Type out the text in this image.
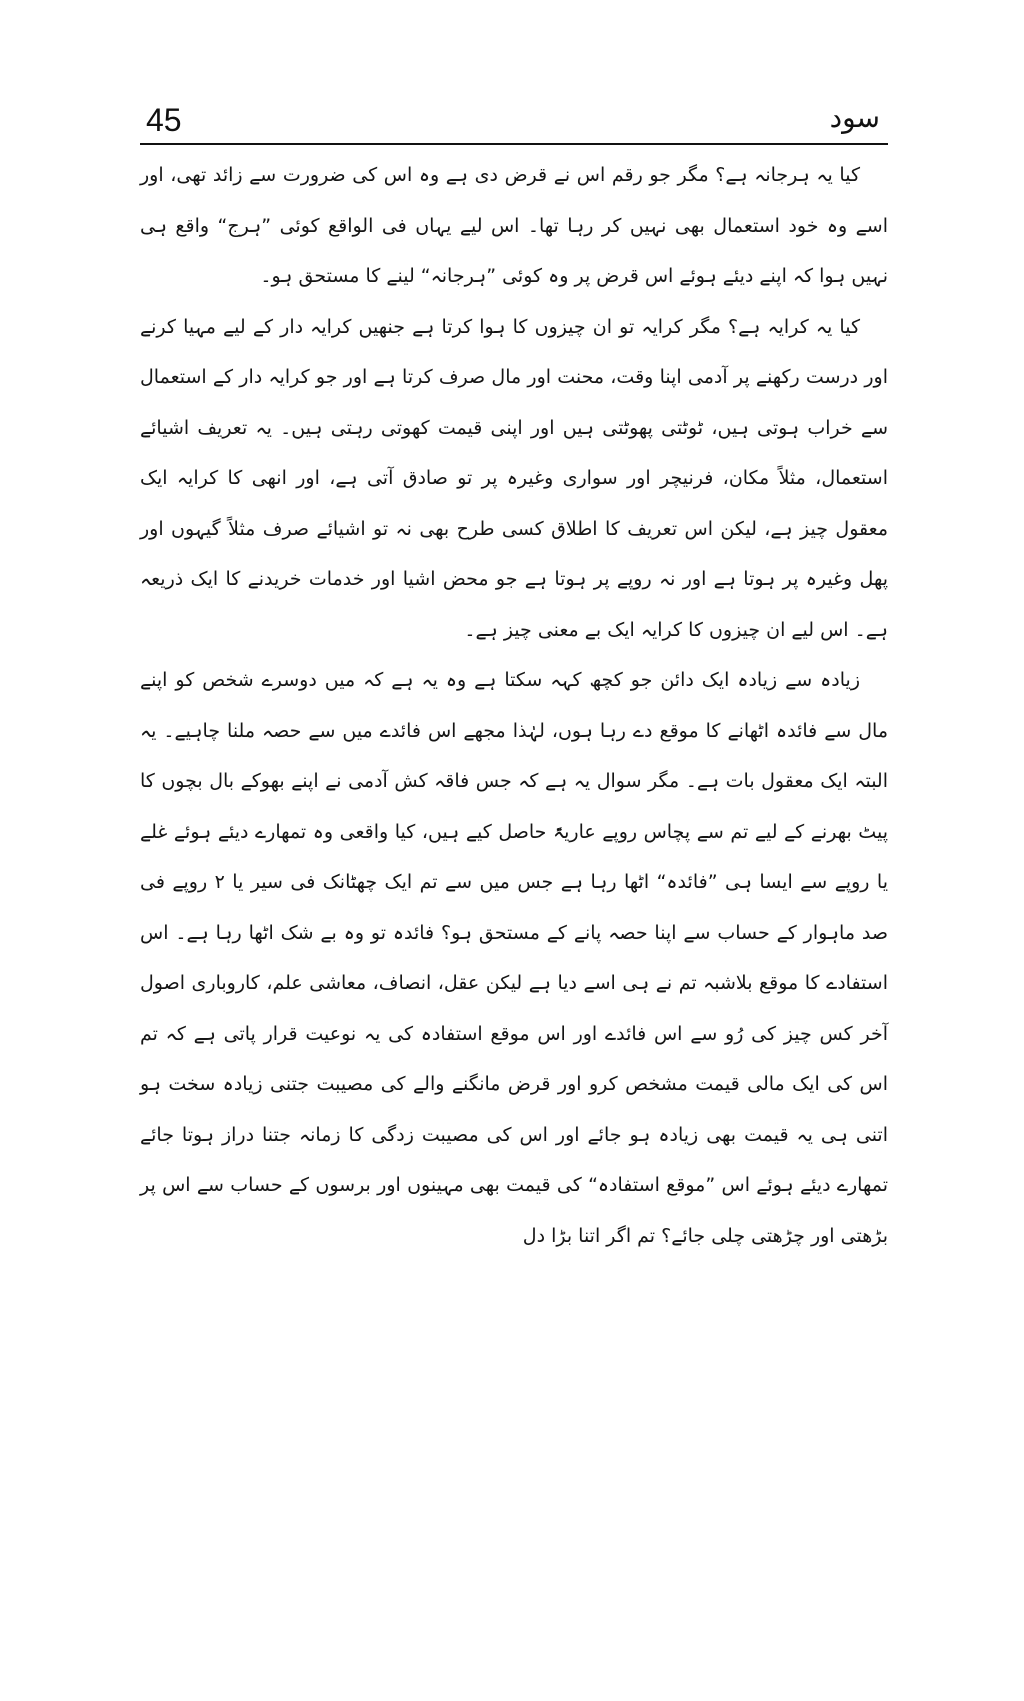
45	سود

کیا یہ ہرجانہ ہے؟ مگر جو رقم اس نے قرض دی ہے وہ اس کی ضرورت سے زائد تھی، اور اسے وہ خود استعمال بھی نہیں کر رہا تھا۔ اس لیے یہاں فی الواقع کوئی ”ہرج“ واقع ہی نہیں ہوا کہ اپنے دیئے ہوئے اس قرض پر وہ کوئی ”ہرجانہ“ لینے کا مستحق ہو۔

کیا یہ کرایہ ہے؟ مگر کرایہ تو ان چیزوں کا ہوا کرتا ہے جنھیں کرایہ دار کے لیے مہیا کرنے اور درست رکھنے پر آدمی اپنا وقت، محنت اور مال صرف کرتا ہے اور جو کرایہ دار کے استعمال سے خراب ہوتی ہیں، ٹوٹتی پھوٹتی ہیں اور اپنی قیمت کھوتی رہتی ہیں۔ یہ تعریف اشیائے استعمال، مثلاً مکان، فرنیچر اور سواری وغیرہ پر تو صادق آتی ہے، اور انھی کا کرایہ ایک معقول چیز ہے، لیکن اس تعریف کا اطلاق کسی طرح بھی نہ تو اشیائے صرف مثلاً گیہوں اور پھل وغیرہ پر ہوتا ہے اور نہ روپے پر ہوتا ہے جو محض اشیا اور خدمات خریدنے کا ایک ذریعہ ہے۔ اس لیے ان چیزوں کا کرایہ ایک بے معنی چیز ہے۔

زیادہ سے زیادہ ایک دائن جو کچھ کہہ سکتا ہے وہ یہ ہے کہ میں دوسرے شخص کو اپنے مال سے فائدہ اٹھانے کا موقع دے رہا ہوں، لہٰذا مجھے اس فائدے میں سے حصہ ملنا چاہیے۔ یہ البتہ ایک معقول بات ہے۔ مگر سوال یہ ہے کہ جس فاقہ کش آدمی نے اپنے بھوکے بال بچوں کا پیٹ بھرنے کے لیے تم سے پچاس روپے عاریۃً حاصل کیے ہیں، کیا واقعی وہ تمھارے دیئے ہوئے غلے یا روپے سے ایسا ہی ”فائدہ“ اٹھا رہا ہے جس میں سے تم ایک چھٹانک فی سیر یا ۲ روپے فی صد ماہوار کے حساب سے اپنا حصہ پانے کے مستحق ہو؟ فائدہ تو وہ بے شک اٹھا رہا ہے۔ اس استفادے کا موقع بلاشبہ تم نے ہی اسے دیا ہے لیکن عقل، انصاف، معاشی علم، کاروباری اصول آخر کس چیز کی رُو سے اس فائدے اور اس موقع استفادہ کی یہ نوعیت قرار پاتی ہے کہ تم اس کی ایک مالی قیمت مشخص کرو اور قرض مانگنے والے کی مصیبت جتنی زیادہ سخت ہو اتنی ہی یہ قیمت بھی زیادہ ہو جائے اور اس کی مصیبت زدگی کا زمانہ جتنا دراز ہوتا جائے تمھارے دیئے ہوئے اس ”موقع استفادہ“ کی قیمت بھی مہینوں اور برسوں کے حساب سے اس پر بڑھتی اور چڑھتی چلی جائے؟ تم اگر اتنا بڑا دل
